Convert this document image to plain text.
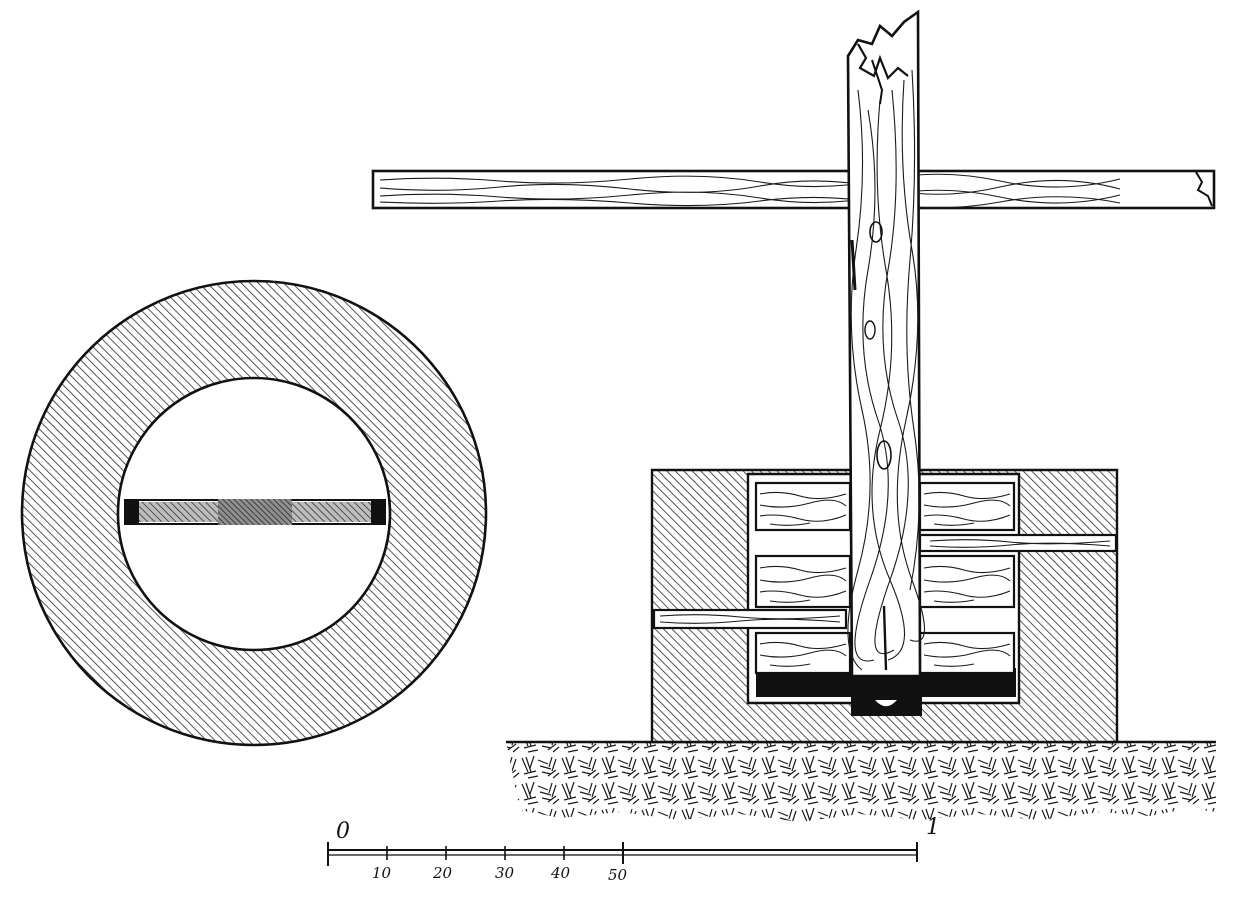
0	1
10	20	30 40	50
